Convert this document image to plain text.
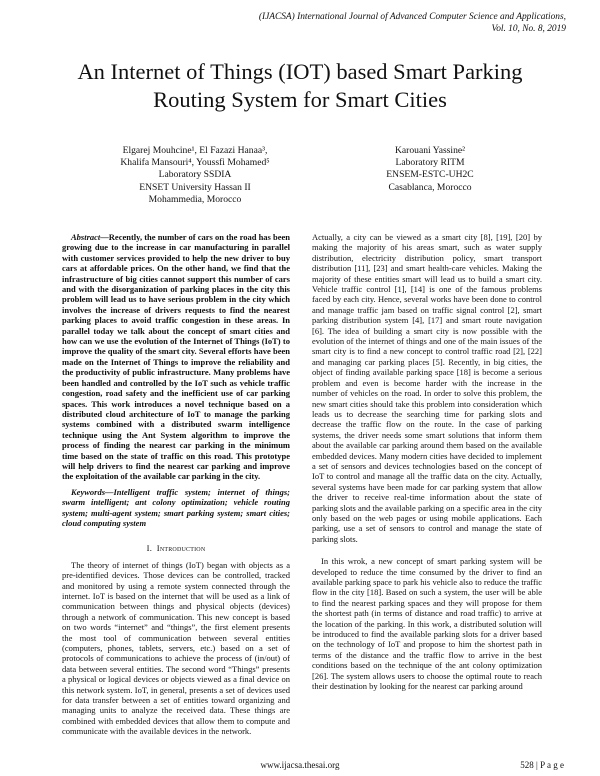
(IJACSA) International Journal of Advanced Computer Science and Applications,
Vol. 10, No. 8, 2019
An Internet of Things (IOT) based Smart Parking
Routing System for Smart Cities
Elgarej Mouhcine¹, El Fazazi Hanaa³,
Khalifa Mansouri⁴, Youssfi Mohamed⁵
Laboratory SSDIA
ENSET University Hassan II
Mohammedia, Morocco
Karouani Yassine²
Laboratory RITM
ENSEM-ESTC-UH2C
Casablanca, Morocco

Abstract—Recently, the number of cars on the road has been growing due to the increase in car manufacturing in parallel with customer services provided to help the new driver to buy cars at affordable prices. On the other hand, we find that the infrastructure of big cities cannot support this number of cars and with the disorganization of parking places in the city this problem will lead us to have serious problem in the city which involves the increase of drivers requests to find the nearest parking places to avoid traffic congestion in these areas. In parallel today we talk about the concept of smart cities and how can we use the evolution of the Internet of Things (IoT) to improve the quality of the smart city. Several efforts have been made on the Internet of Things to improve the reliability and the productivity of public infrastructure. Many problems have been handled and controlled by the IoT such as vehicle traffic congestion, road safety and the inefficient use of car parking spaces. This work introduces a novel technique based on a distributed cloud architecture of IoT to manage the parking systems combined with a distributed swarm intelligence technique using the Ant System algorithm to improve the process of finding the nearest car parking in the minimum time based on the state of traffic on this road. This prototype will help drivers to find the nearest car parking and improve the exploitation of the available car parking in the city.

Keywords—Intelligent traffic system; internet of things; swarm intelligent; ant colony optimization; vehicle routing system; multi-agent system; smart parking system; smart cities; cloud computing system

I. Introduction

The theory of internet of things (IoT) began with objects as a pre-identified devices. Those devices can be controlled, tracked and monitored by using a remote system connected through the internet. IoT is based on the internet that will be used as a link of communication between things and physical objects (devices) through a network of communication. This new concept is based on two words “internet” and “things”, the first element presents the most tool of communication between several entities (computers, phones, tablets, servers, etc.) based on a set of protocols of communications to achieve the process of (in/out) of data between several entities. The second word “Things” presents a physical or logical devices or objects viewed as a final device on this network system. IoT, in general, presents a set of devices used for data transfer between a set of entities toward organizing and managing units to analyze the received data. These things are combined with embedded devices that allow them to compute and communicate with the available devices in the network.

Actually, a city can be viewed as a smart city [8], [19], [20] by making the majority of his areas smart, such as water supply distribution, electricity distribution policy, smart transport distribution [11], [23] and smart health-care vehicles. Making the majority of these entities smart will lead us to build a smart city. Vehicle traffic control [1], [14] is one of the famous problems faced by each city. Hence, several works have been done to control and manage traffic jam based on traffic signal control [2], smart parking distribution system [4], [17] and smart route navigation [6]. The idea of building a smart city is now possible with the evolution of the internet of things and one of the main issues of the smart city is to find a new concept to control traffic road [2], [22] and managing car parking places [5]. Recently, in big cities, the object of finding available parking space [18] is become a serious problem and even is become harder with the increase in the number of vehicles on the road. In order to solve this problem, the new smart cities should take this problem into consideration which leads us to decrease the searching time for parking slots and decrease the traffic flow on the route. In the case of parking systems, the driver needs some smart solutions that inform them about the available car parking around them based on the available embedded devices. Many modern cities have decided to implement a set of sensors and devices technologies based on the concept of IoT to control and manage all the traffic data on the city. Actually, several systems have been made for car parking system that allow the driver to receive real-time information about the state of parking slots and the available parking on a specific area in the city only based on the web pages or using mobile applications. Each parking, use a set of sensors to control and manage the state of parking slots.

In this wrok, a new concept of smart parking system will be developed to reduce the time consumed by the driver to find an available parking space to park his vehicle also to reduce the traffic flow in the city [18]. Based on such a system, the user will be able to find the nearest parking spaces and they will propose for them the shortest path (in terms of distance and road traffic) to arrive at the location of the parking. In this work, a distributed solution will be introduced to find the available parking slots for a driver based on the technology of IoT and propose to him the shortest path in terms of the distance and the traffic flow to arrive in the best conditions based on the technique of the ant colony optimization [26]. The system allows users to choose the optimal route to reach their destination by looking for the nearest car parking around

www.ijacsa.thesai.org	528 | P a g e
